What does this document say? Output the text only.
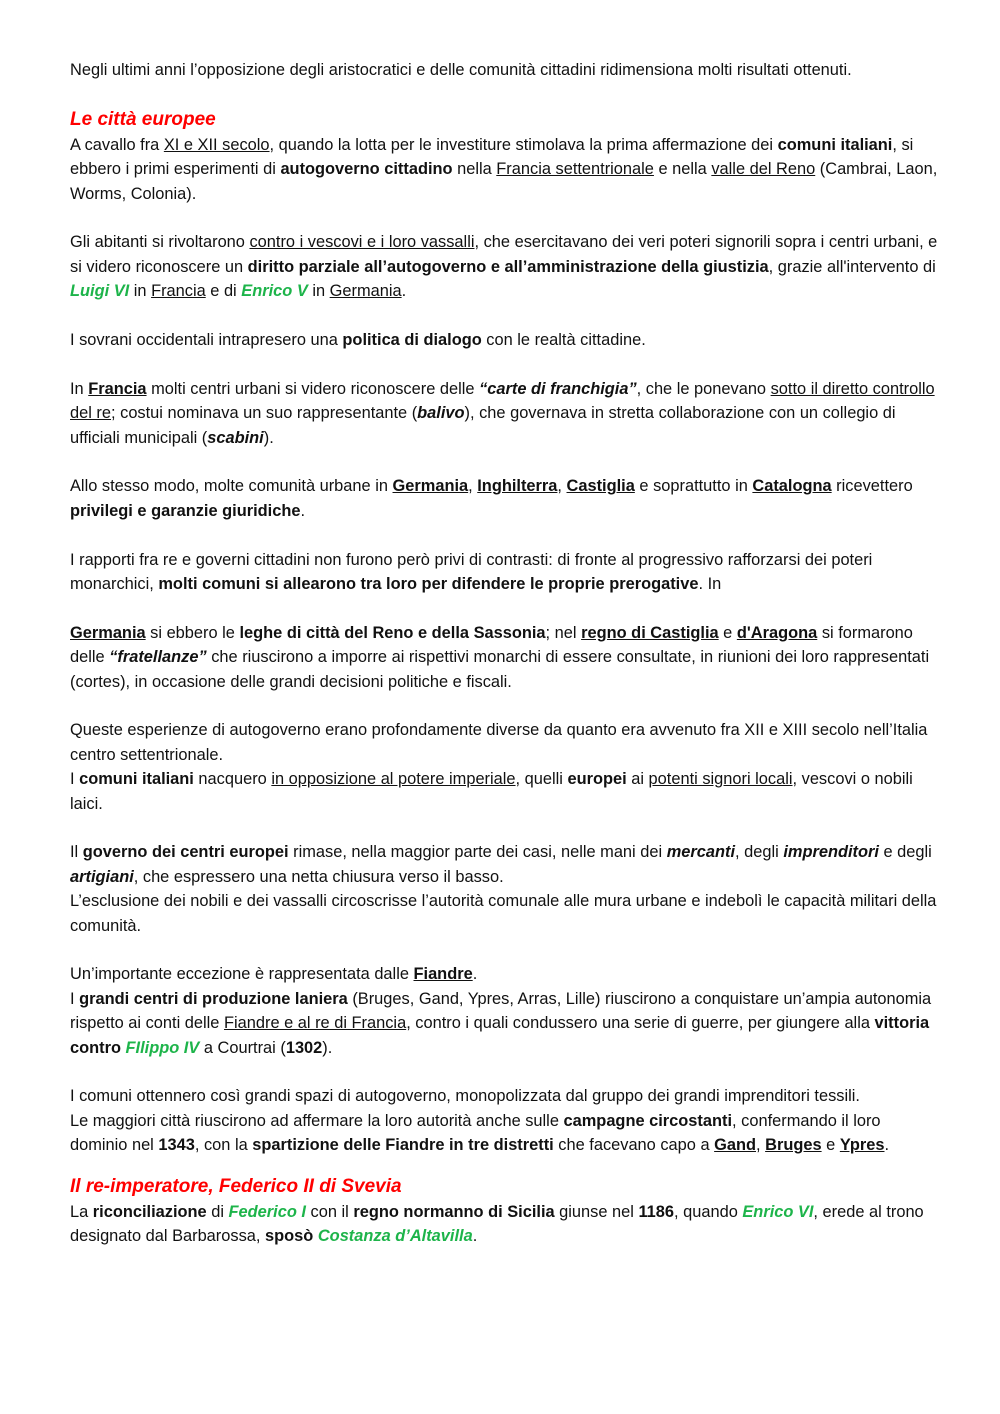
Negli ultimi anni l’opposizione degli aristocratici e delle comunità cittadini ridimensiona molti risultati ottenuti.

Le città europee

A cavallo fra XI e XII secolo, quando la lotta per le investiture stimolava la prima affermazione dei comuni italiani, si ebbero i primi esperimenti di autogoverno cittadino nella Francia settentrionale e nella valle del Reno (Cambrai, Laon, Worms, Colonia).

Gli abitanti si rivoltarono contro i vescovi e i loro vassalli, che esercitavano dei veri poteri signorili sopra i centri urbani, e si videro riconoscere un diritto parziale all’autogoverno e all’amministrazione della giustizia, grazie all'intervento di Luigi VI in Francia e di Enrico V in Germania.

I sovrani occidentali intrapresero una politica di dialogo con le realtà cittadine.

In Francia molti centri urbani si videro riconoscere delle “carte di franchigia”, che le ponevano sotto il diretto controllo del re; costui nominava un suo rappresentante (balivo), che governava in stretta collaborazione con un collegio di ufficiali municipali (scabini).

Allo stesso modo, molte comunità urbane in Germania, Inghilterra, Castiglia e soprattutto in Catalogna ricevettero privilegi e garanzie giuridiche.

I rapporti fra re e governi cittadini non furono però privi di contrasti: di fronte al progressivo rafforzarsi dei poteri monarchici, molti comuni si allearono tra loro per difendere le proprie prerogative. In

Germania si ebbero le leghe di città del Reno e della Sassonia; nel regno di Castiglia e d'Aragona si formarono delle “fratellanze” che riuscirono a imporre ai rispettivi monarchi di essere consultate, in riunioni dei loro rappresentati (cortes), in occasione delle grandi decisioni politiche e fiscali.

Queste esperienze di autogoverno erano profondamente diverse da quanto era avvenuto fra XII e XIII secolo nell’Italia centro settentrionale.

I comuni italiani nacquero in opposizione al potere imperiale, quelli europei ai potenti signori locali, vescovi o nobili laici.

Il governo dei centri europei rimase, nella maggior parte dei casi, nelle mani dei mercanti, degli imprenditori e degli artigiani, che espressero una netta chiusura verso il basso.

L’esclusione dei nobili e dei vassalli circoscrisse l’autorità comunale alle mura urbane e indebolì le capacità militari della comunità.

Un’importante eccezione è rappresentata dalle Fiandre.

I grandi centri di produzione laniera (Bruges, Gand, Ypres, Arras, Lille) riuscirono a conquistare un’ampia autonomia rispetto ai conti delle Fiandre e al re di Francia, contro i quali condussero una serie di guerre, per giungere alla vittoria contro FIlippo IV a Courtrai (1302).

I comuni ottennero così grandi spazi di autogoverno, monopolizzata dal gruppo dei grandi imprenditori tessili.

Le maggiori città riuscirono ad affermare la loro autorità anche sulle campagne circostanti, confermando il loro dominio nel 1343, con la spartizione delle Fiandre in tre distretti che facevano capo a Gand, Bruges e Ypres.

Il re-imperatore, Federico II di Svevia

La riconciliazione di Federico I con il regno normanno di Sicilia giunse nel 1186, quando Enrico VI, erede al trono designato dal Barbarossa, sposò Costanza d’Altavilla.
